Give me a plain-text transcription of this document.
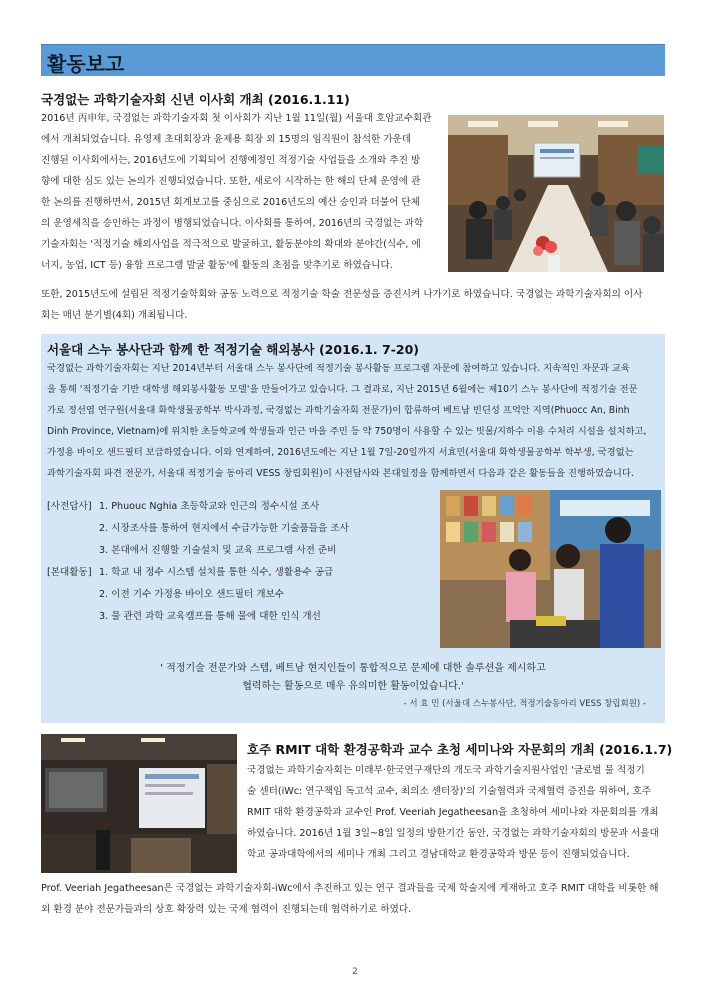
활동보고
국경없는 과학기술자회 신년 이사회 개최 (2016.1.11)
2016년 丙申年, 국경없는 과학기술자회 첫 이사회가 지난 1월 11일(월) 서울대 호암교수회관
에서 개최되었습니다. 유영제 초대회장과 윤제용 회장 외 15명의 임직원이 참석한 가운데
진행된 이사회에서는, 2016년도에 기획되어 진행예정인 적정기술 사업들을 소개와 추진 방
향에 대한 심도 있는 논의가 진행되었습니다. 또한, 새로이 시작하는 한 해의 단체 운영에 관
한 논의를 진행하면서, 2015년 회계보고를 중심으로 2016년도의 예산 승인과 더불어 단체
의 운영세칙을 승인하는 과정이 병행되었습니다. 이사회를 통하여, 2016년의 국경없는 과학
기술자회는 '적정기술 해외사업을 적극적으로 발굴하고, 활동분야의 확대와 분야간(식수, 에
너지, 농업, ICT 등) 융합 프로그램 발굴 활동'에 활동의 초점을 맞추기로 하였습니다.
또한, 2015년도에 설립된 적정기술학회와 공동 노력으로 적정기술 학술 전문성을 증진시켜 나가기로 하였습니다. 국경없는 과학기술자회의 이사
회는 매년 분기별(4회) 개최됩니다.
서울대 스누 봉사단과 함께 한 적정기술 해외봉사 (2016.1. 7-20)
국경없는 과학기술자회는 지난 2014년부터 서울대 스누 봉사단에 적정기술 봉사활동 프로그램 자문에 참여하고 있습니다. 지속적인 자문과 교육
을 통해 '적정기술 기반 대학생 해외봉사활동 모델'을 만들어가고 있습니다. 그 결과로, 지난 2015년 6월에는 제10기 스누 봉사단에 적정기술 전문
가로 정선엽 연구원(서울대 화학생물공학부 박사과정, 국경없는 과학기술자회 전문가)이 합류하여 베트남 빈딘성 프억안 지역(Phuocc An, Binh
Dinh Province, Vietnam)에 위치한 초등학교에 학생들과 인근 마을 주민 등 약 750명이 사용할 수 있는 빗물/지하수 이용 수처리 시설을 설치하고,
가정용 바이오 샌드필터 보급하였습니다. 이와 연계하여, 2016년도에는 지난 1월 7일-20일까지 서효민(서울대 화학생물공학부 학부생, 국경없는
과학기술자회 파견 전문가, 서울대 적정기술 동아리 VESS 창립회원)이 사전답사와 본대일정을 함께하면서 다음과 같은 활동들을 진행하였습니다.
[사전답사] 1. Phuouc Nghia 초등학교와 인근의 정수시설 조사
2. 시장조사를 통하여 현지에서 수급가능한 기술품들을 조사
3. 본대에서 진행할 기술설치 및 교육 프로그램 사전 준비
[본대활동] 1. 학교 내 정수 시스템 설치를 통한 식수, 생활용수 공급
2. 이전 기수 가정용 바이오 샌드필터 개보수
3. 물 관련 과학 교육캠프를 통해 물에 대한 인식 개선
' 적정기술 전문가와 스텝, 베트남 현지인들이 통합적으로 문제에 대한 솔루션을 제시하고
협력하는 활동으로 매우 유의미한 활동이었습니다.'
- 서 효 민 (서울대 스누봉사단, 적정기술동아리 VESS 창립회원) -
호주 RMIT 대학 환경공학과 교수 초청 세미나와 자문회의 개최 (2016.1.7)
국경없는 과학기술자회는 미래부·한국연구재단의 개도국 과학기술지원사업인 '글로벌 물 적정기
술 센터(iWc: 연구책임 독고석 교수, 최의소 센터장)'의 기술협력과 국제협력 증진을 위하여, 호주
RMIT 대학 환경공학과 교수인 Prof. Veeriah Jegatheesan을 초청하여 세미나와 자문회의를 개최
하였습니다. 2016년 1월 3일~8일 일정의 방한기간 동안, 국경없는 과학기술자회의 방문과 서울대
학교 공과대학에서의 세미나 개최 그리고 경남대학교 환경공학과 방문 등이 진행되었습니다.
Prof. Veeriah Jegatheesan은 국경없는 과학기술자회-iWc에서 추진하고 있는 연구 결과들을 국제 학술지에 게재하고 호주 RMIT 대학을 비롯한 해
외 환경 분야 전문가들과의 상호 확장력 있는 국제 협력이 진행되는데 협력하기로 하였다.
2
